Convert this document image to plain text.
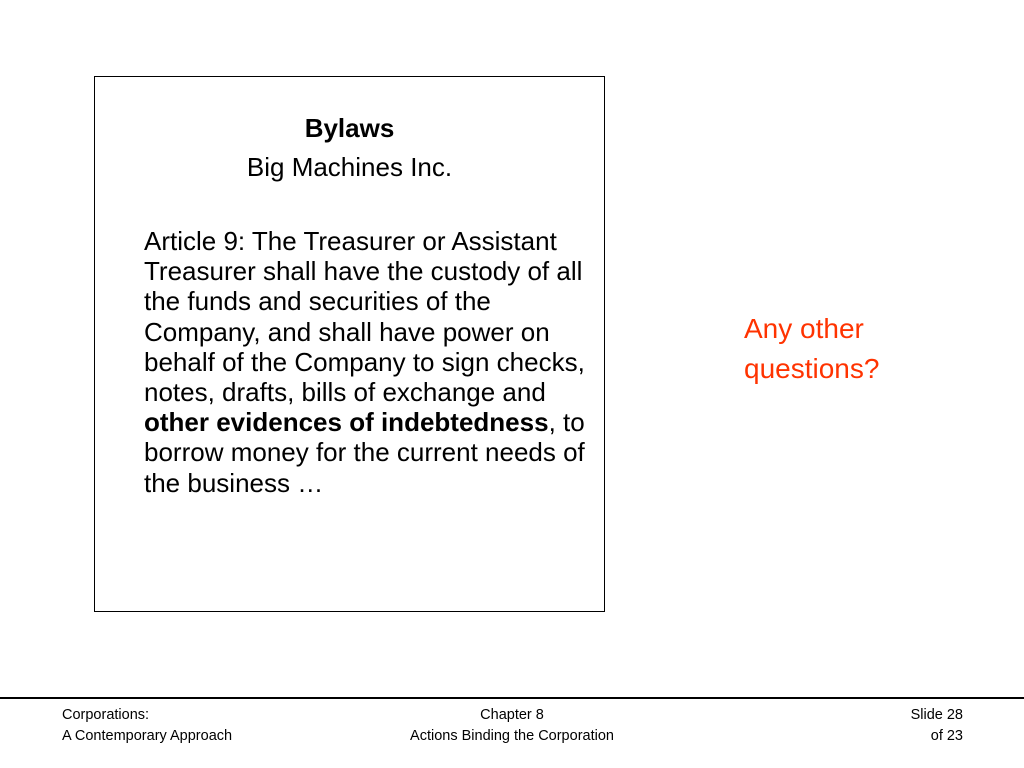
Bylaws
Big Machines Inc.

Article 9: The Treasurer or Assistant Treasurer shall have the custody of all the funds and securities of the Company, and shall have power on behalf of the Company to sign checks, notes, drafts, bills of exchange and other evidences of indebtedness, to borrow money for the current needs of the business …

Any other
questions?
Corporations:
A Contemporary Approach
Chapter 8
Actions Binding the Corporation
Slide 28
of 23
